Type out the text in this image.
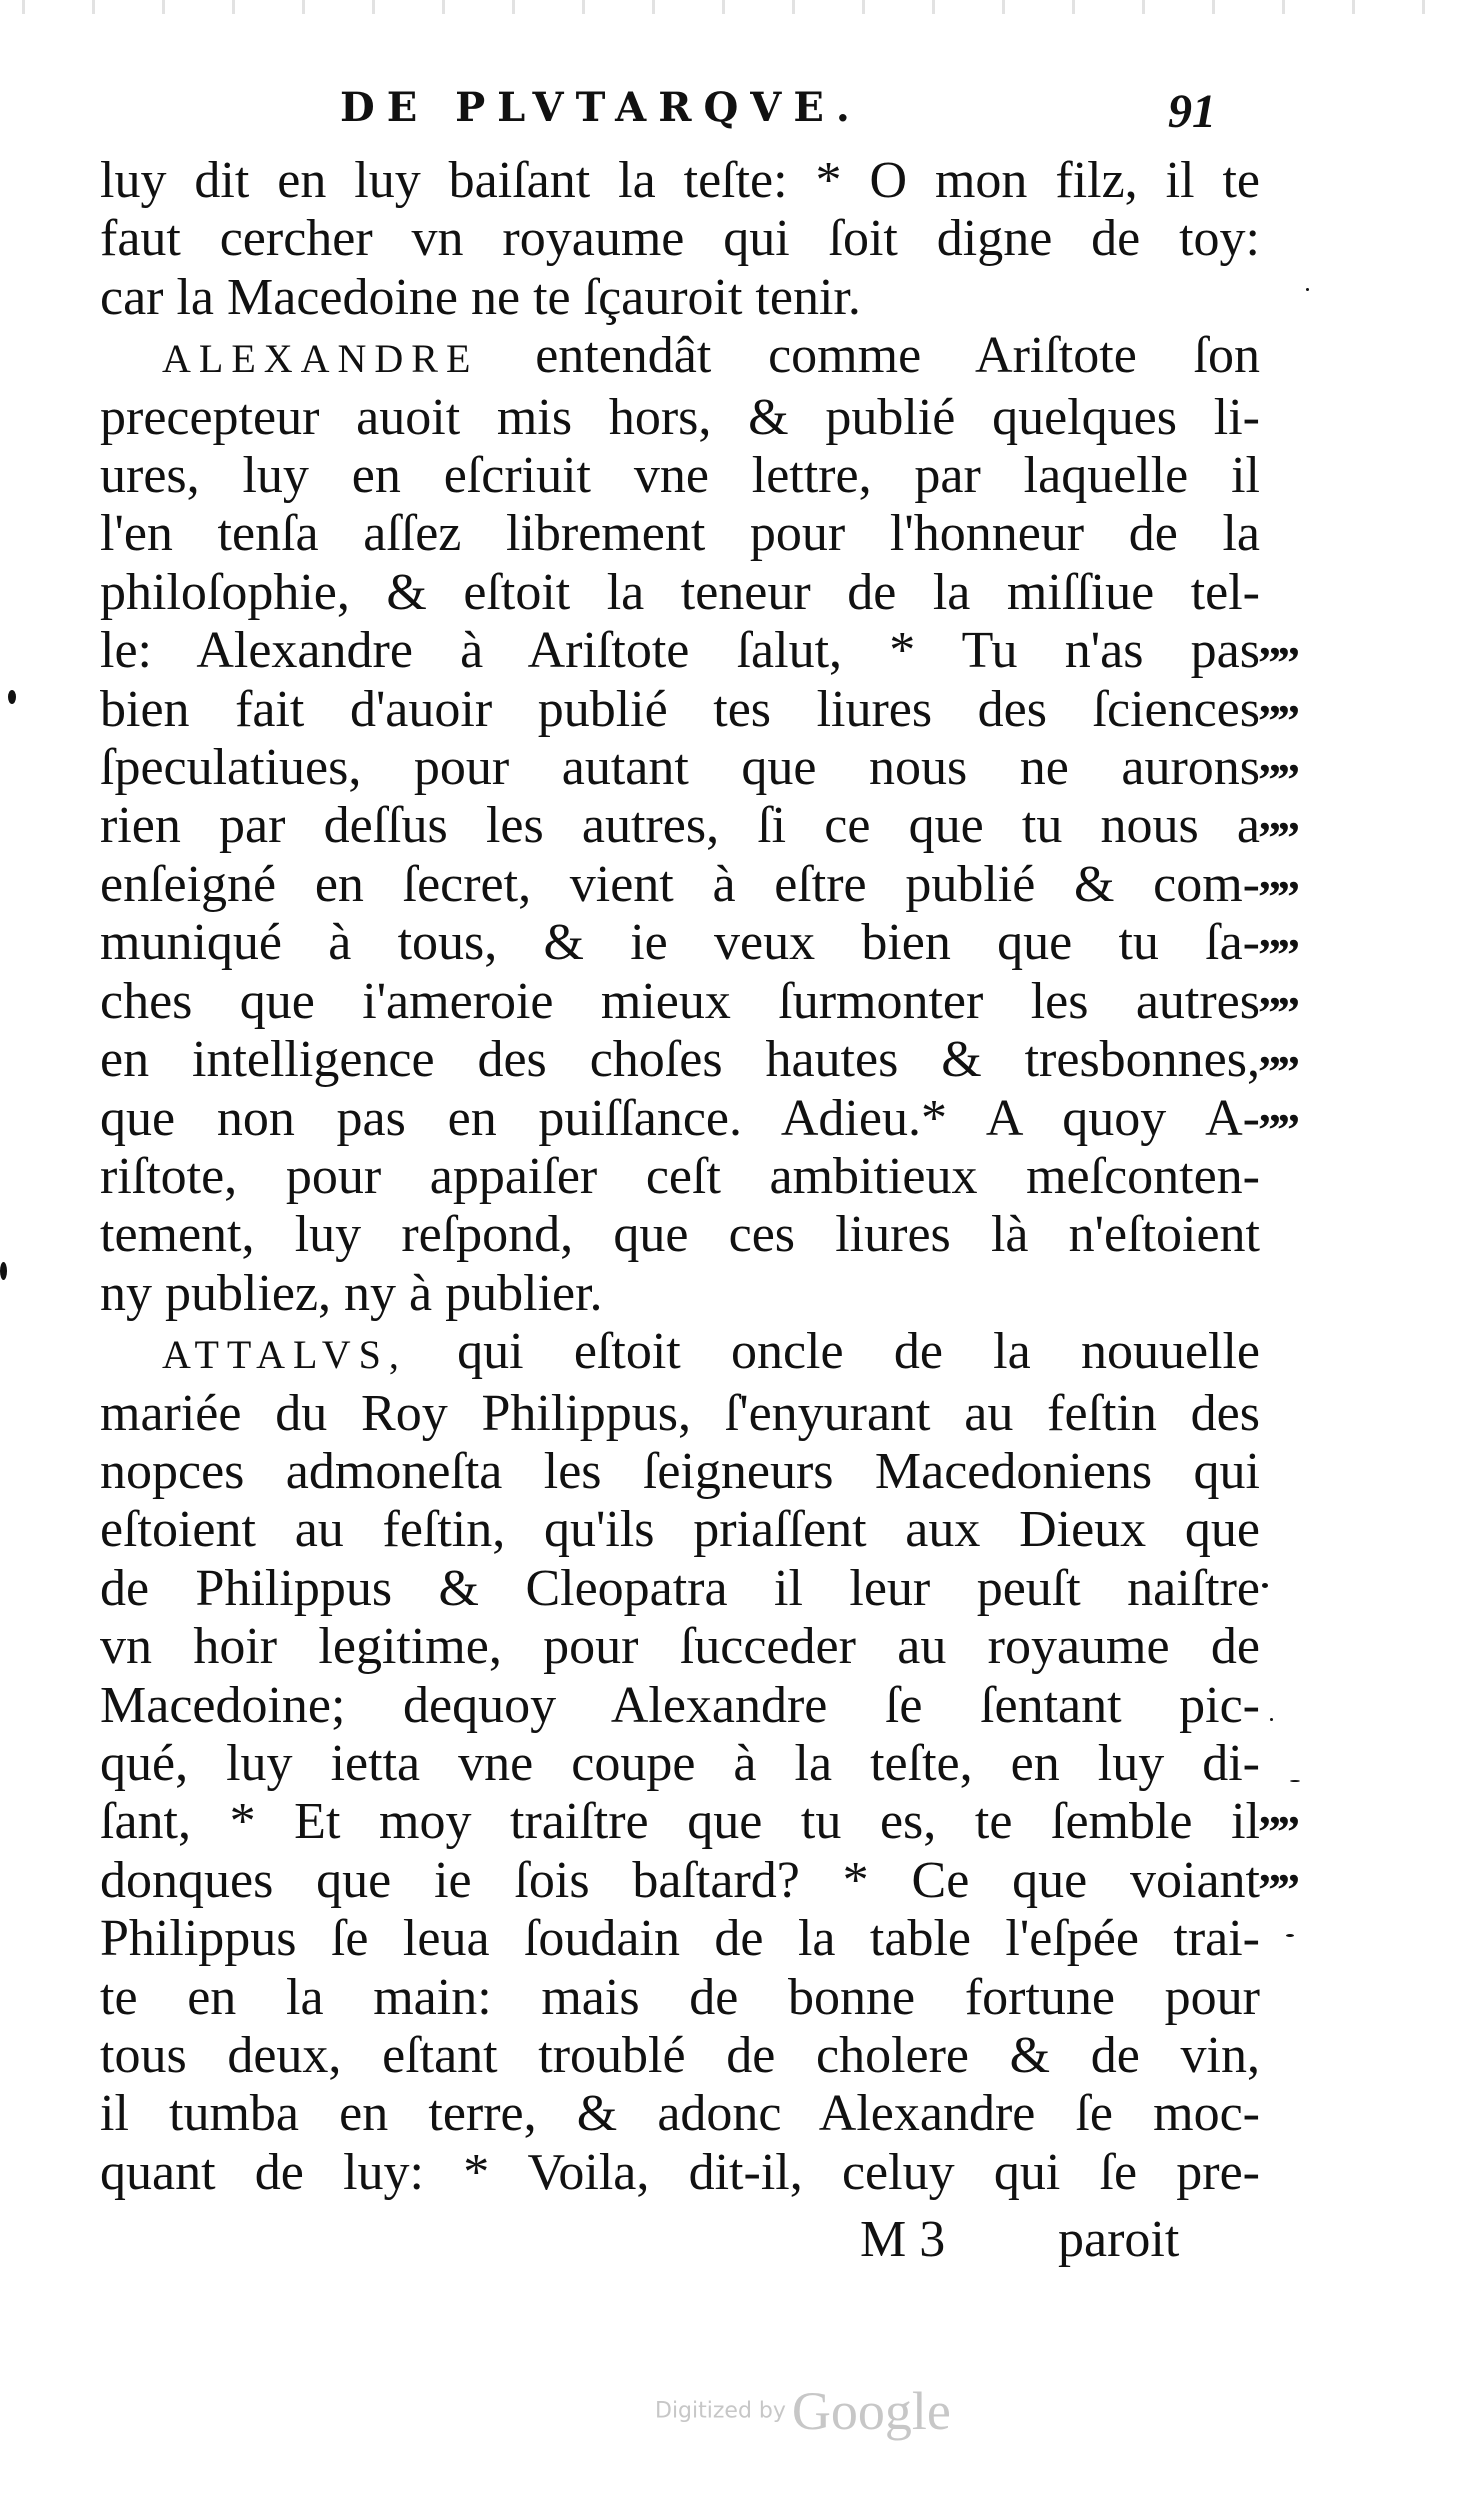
DE PLVTARQVE.	91
luy dit en luy baiſant la teſte: * O mon filz, il te
faut cercher vn royaume qui ſoit digne de toy:
car la Macedoine ne te ſçauroit tenir.
ALEXANDRE entendât comme Ariſtote ſon
precepteur auoit mis hors, & publié quelques li-
ures, luy en eſcriuit vne lettre, par laquelle il
l'en tenſa aſſez librement pour l'honneur de la
philoſophie, & eſtoit la teneur de la miſſiue tel-
le: Alexandre à Ariſtote ſalut, * Tu n'as pas
bien fait d'auoir publié tes liures des ſciences
ſpeculatiues, pour autant que nous ne aurons
rien par deſſus les autres, ſi ce que tu nous a
enſeigné en ſecret, vient à eſtre publié & com-
muniqué à tous, & ie veux bien que tu ſa-
ches que i'ameroie mieux ſurmonter les autres
en intelligence des choſes hautes & tresbonnes,
que non pas en puiſſance. Adieu.* A quoy A-
riſtote, pour appaiſer ceſt ambitieux meſconten-
tement, luy reſpond, que ces liures là n'eſtoient
ny publiez, ny à publier.
ATTALVS, qui eſtoit oncle de la nouuelle
mariée du Roy Philippus, ſ'enyurant au feſtin des
nopces admoneſta les ſeigneurs Macedoniens qui
eſtoient au feſtin, qu'ils priaſſent aux Dieux que
de Philippus & Cleopatra il leur peuſt naiſtre
vn hoir legitime, pour ſucceder au royaume de
Macedoine; dequoy Alexandre ſe ſentant pic-
qué, luy ietta vne coupe à la teſte, en luy di-
ſant, * Et moy traiſtre que tu es, te ſemble il
donques que ie ſois baſtard? * Ce que voiant
Philippus ſe leua ſoudain de la table l'eſpée trai-
te en la main: mais de bonne fortune pour
tous deux, eſtant troublé de cholere & de vin,
il tumba en terre, & adonc Alexandre ſe moc-
quant de luy: * Voila, dit-il, celuy qui ſe pre-
””
””
””
””
””
””
””
””
””
””
””
M 3 paroit
Digitized by Google
